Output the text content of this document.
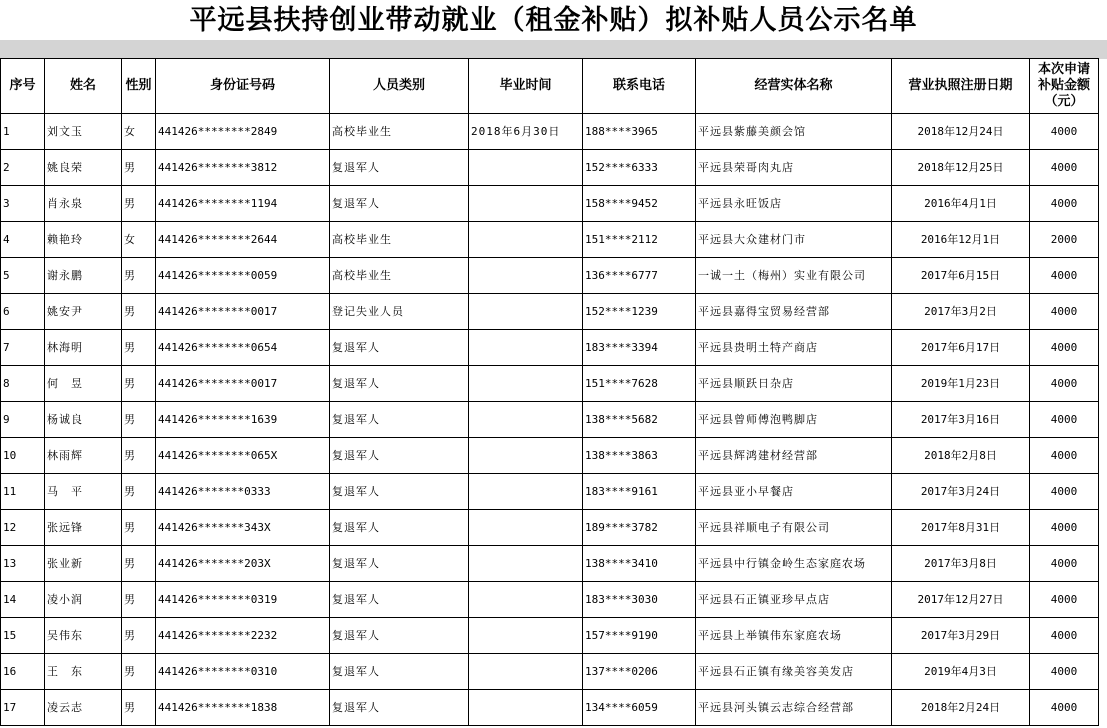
平远县扶持创业带动就业（租金补贴）拟补贴人员公示名单
序号	姓名	性别	身份证号码	人员类别	毕业时间	联系电话	经营实体名称	营业执照注册日期	本次申请补贴金额（元）
1	刘文玉	女	441426********2849	高校毕业生	2018年6月30日	188****3965	平远县紫藤美颜会馆	2018年12月24日	4000
2	姚良荣	男	441426********3812	复退军人		152****6333	平远县荣哥肉丸店	2018年12月25日	4000
3	肖永泉	男	441426********1194	复退军人		158****9452	平远县永旺饭店	2016年4月1日	4000
4	赖艳玲	女	441426********2644	高校毕业生		151****2112	平远县大众建材门市	2016年12月1日	2000
5	谢永鹏	男	441426********0059	高校毕业生		136****6777	一诚一土（梅州）实业有限公司	2017年6月15日	4000
6	姚安尹	男	441426********0017	登记失业人员		152****1239	平远县嘉得宝贸易经营部	2017年3月2日	4000
7	林海明	男	441426********0654	复退军人		183****3394	平远县贵明土特产商店	2017年6月17日	4000
8	何　昱	男	441426********0017	复退军人		151****7628	平远县顺跃日杂店	2019年1月23日	4000
9	杨诚良	男	441426********1639	复退军人		138****5682	平远县曾师傅泡鸭脚店	2017年3月16日	4000
10	林雨辉	男	441426********065X	复退军人		138****3863	平远县辉鸿建材经营部	2018年2月8日	4000
11	马　平	男	441426*******0333	复退军人		183****9161	平远县亚小早餐店	2017年3月24日	4000
12	张远锋	男	441426*******343X	复退军人		189****3782	平远县祥顺电子有限公司	2017年8月31日	4000
13	张业新	男	441426*******203X	复退军人		138****3410	平远县中行镇金岭生态家庭农场	2017年3月8日	4000
14	凌小润	男	441426********0319	复退军人		183****3030	平远县石正镇亚珍早点店	2017年12月27日	4000
15	吴伟东	男	441426********2232	复退军人		157****9190	平远县上举镇伟东家庭农场	2017年3月29日	4000
16	王　东	男	441426********0310	复退军人		137****0206	平远县石正镇有缘美容美发店	2019年4月3日	4000
17	凌云志	男	441426********1838	复退军人		134****6059	平远县河头镇云志综合经营部	2018年2月24日	4000
